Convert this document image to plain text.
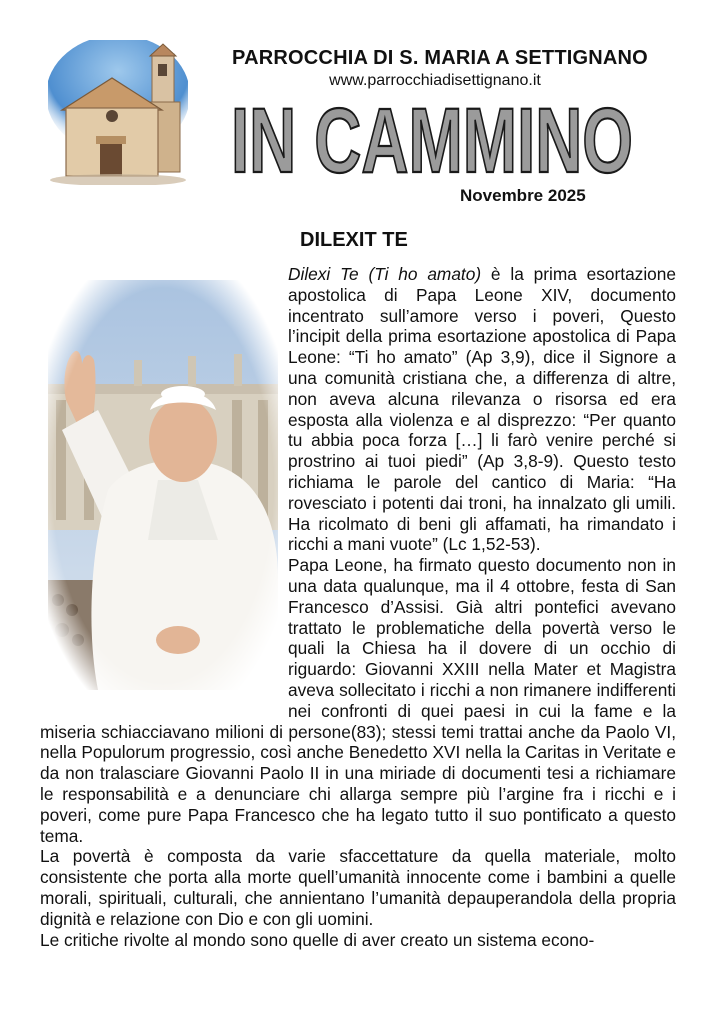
PARROCCHIA DI S. MARIA A SETTIGNANO
www.parrocchiadisettignano.it
IN CAMMINO
Novembre 2025
DILEXIT TE

Dilexi Te (Ti ho amato) è la prima esortazione apostolica di Papa Leone XIV, documento incentrato sull’amore verso i poveri, Questo l’incipit della prima esortazione apostolica di Papa Leone: “Ti ho amato” (Ap 3,9), dice il Signore a una comunità cristiana che, a differenza di altre, non aveva alcuna rilevanza o risorsa ed era esposta alla violenza e al disprezzo: “Per quanto tu abbia poca forza […] li farò venire perché si prostrino ai tuoi piedi” (Ap 3,8-9). Questo testo richiama le parole del cantico di Maria: “Ha rovesciato i potenti dai troni, ha innalzato gli umili. Ha ricolmato di beni gli affamati, ha rimandato i ricchi a mani vuote” (Lc 1,52-53).

Papa Leone, ha firmato questo documento non in una data qualunque, ma il 4 ottobre, festa di San Francesco d’Assisi. Già altri pontefici avevano trattato le problematiche della povertà verso le quali la Chiesa ha il dovere di un occhio di riguardo: Giovanni XXIII nella Mater et Magistra aveva sollecitato i ricchi a non rimanere indifferenti nei confronti di quei paesi in cui la fame e la miseria schiacciavano milioni di persone(83); stessi temi trattai anche da Paolo VI, nella Populorum progressio, così anche Benedetto XVI nella la Caritas in Veritate e da non tralasciare Giovanni Paolo II in una miriade di documenti tesi a richiamare le responsabilità e a denunciare chi allarga sempre più l’argine fra i ricchi e i poveri, come pure Papa Francesco che ha legato tutto il suo pontificato a questo tema.

La povertà è composta da varie sfaccettature da quella materiale, molto consistente che porta alla morte quell’umanità innocente come i bambini a quelle morali, spirituali, culturali, che annientano l’umanità depauperandola della propria dignità e relazione con Dio e con gli uomini.

Le critiche rivolte al mondo sono quelle di aver creato un sistema econo-
